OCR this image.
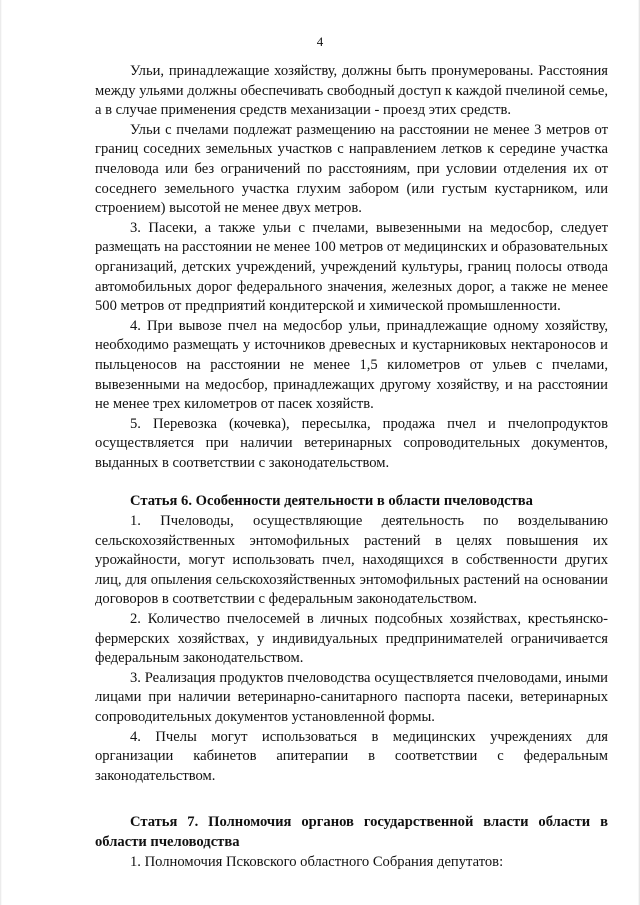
4

Ульи, принадлежащие хозяйству, должны быть пронумерованы. Расстояния между ульями должны обеспечивать свободный доступ к каждой пчелиной семье, а в случае применения средств механизации - проезд этих средств.

Ульи с пчелами подлежат размещению на расстоянии не менее 3 метров от границ соседних земельных участков с направлением летков к середине участка пчеловода или без ограничений по расстояниям, при условии отделения их от соседнего земельного участка глухим забором (или густым кустарником, или строением) высотой не менее двух метров.

3. Пасеки, а также ульи с пчелами, вывезенными на медосбор, следует размещать на расстоянии не менее 100 метров от медицинских и образовательных организаций, детских учреждений, учреждений культуры, границ полосы отвода автомобильных дорог федерального значения, железных дорог, а также не менее 500 метров от предприятий кондитерской и химической промышленности.

4. При вывозе пчел на медосбор ульи, принадлежащие одному хозяйству, необходимо размещать у источников древесных и кустарниковых нектароносов и пыльценосов на расстоянии не менее 1,5 километров от ульев с пчелами, вывезенными на медосбор, принадлежащих другому хозяйству, и на расстоянии не менее трех километров от пасек хозяйств.

5. Перевозка (кочевка), пересылка, продажа пчел и пчелопродуктов осуществляется при наличии ветеринарных сопроводительных документов, выданных в соответствии с законодательством.

Статья 6. Особенности деятельности в области пчеловодства

1. Пчеловоды, осуществляющие деятельность по возделыванию сельскохозяйственных энтомофильных растений в целях повышения их урожайности, могут использовать пчел, находящихся в собственности других лиц, для опыления сельскохозяйственных энтомофильных растений на основании договоров в соответствии с федеральным законодательством.

2. Количество пчелосемей в личных подсобных хозяйствах, крестьянско-фермерских хозяйствах, у индивидуальных предпринимателей ограничивается федеральным законодательством.

3. Реализация продуктов пчеловодства осуществляется пчеловодами, иными лицами при наличии ветеринарно-санитарного паспорта пасеки, ветеринарных сопроводительных документов установленной формы.

4. Пчелы могут использоваться в медицинских учреждениях для организации кабинетов апитерапии в соответствии с федеральным законодательством.

Статья 7. Полномочия органов государственной власти области в области пчеловодства

1. Полномочия Псковского областного Собрания депутатов:
